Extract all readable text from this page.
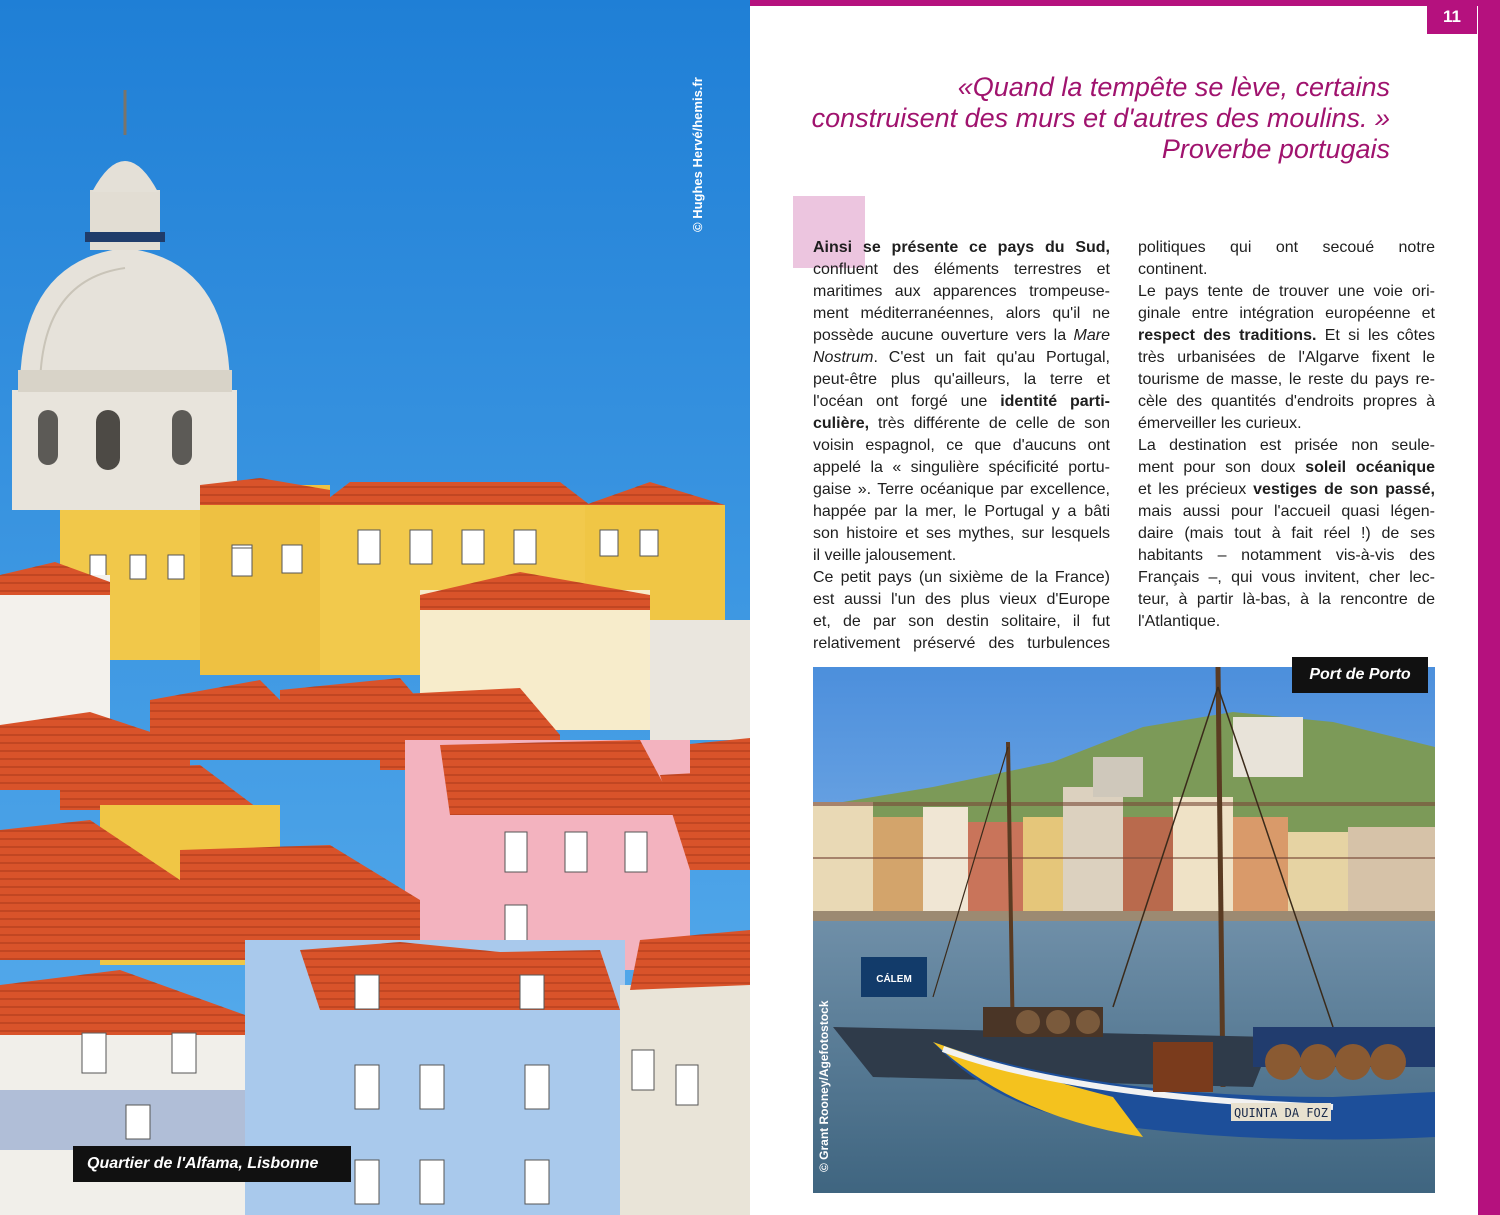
© Hughes Hervé/hemis.fr
Quartier de l'Alfama, Lisbonne
11
«Quand la tempête se lève, certains
construisent des murs et d'autres des moulins. »
Proverbe portugais
Ainsi se présente ce pays du Sud,
confluent des éléments terrestres et
maritimes aux apparences trompeuse-
ment méditerranéennes, alors qu'il ne
possède aucune ouverture vers la Mare
Nostrum. C'est un fait qu'au Portugal,
peut-être plus qu'ailleurs, la terre et
l'océan ont forgé une identité parti-
culière, très différente de celle de son
voisin espagnol, ce que d'aucuns ont
appelé la « singulière spécificité portu-
gaise ». Terre océanique par excellence,
happée par la mer, le Portugal y a bâti
son histoire et ses mythes, sur lesquels
il veille jalousement.
Ce petit pays (un sixième de la France)
est aussi l'un des plus vieux d'Europe
et, de par son destin solitaire, il fut
relativement préservé des turbulences
politiques qui ont secoué notre
continent.
Le pays tente de trouver une voie ori-
ginale entre intégration européenne et
respect des traditions. Et si les côtes
très urbanisées de l'Algarve fixent le
tourisme de masse, le reste du pays re-
cèle des quantités d'endroits propres à
émerveiller les curieux.
La destination est prisée non seule-
ment pour son doux soleil océanique
et les précieux vestiges de son passé,
mais aussi pour l'accueil quasi légen-
daire (mais tout à fait réel !) de ses
habitants – notamment vis-à-vis des
Français –, qui vous invitent, cher lec-
teur, à partir là-bas, à la rencontre de
l'Atlantique.
QUINTA DA FOZ
CÁLEM
© Grant Rooney/Agefotostock
Port de Porto
